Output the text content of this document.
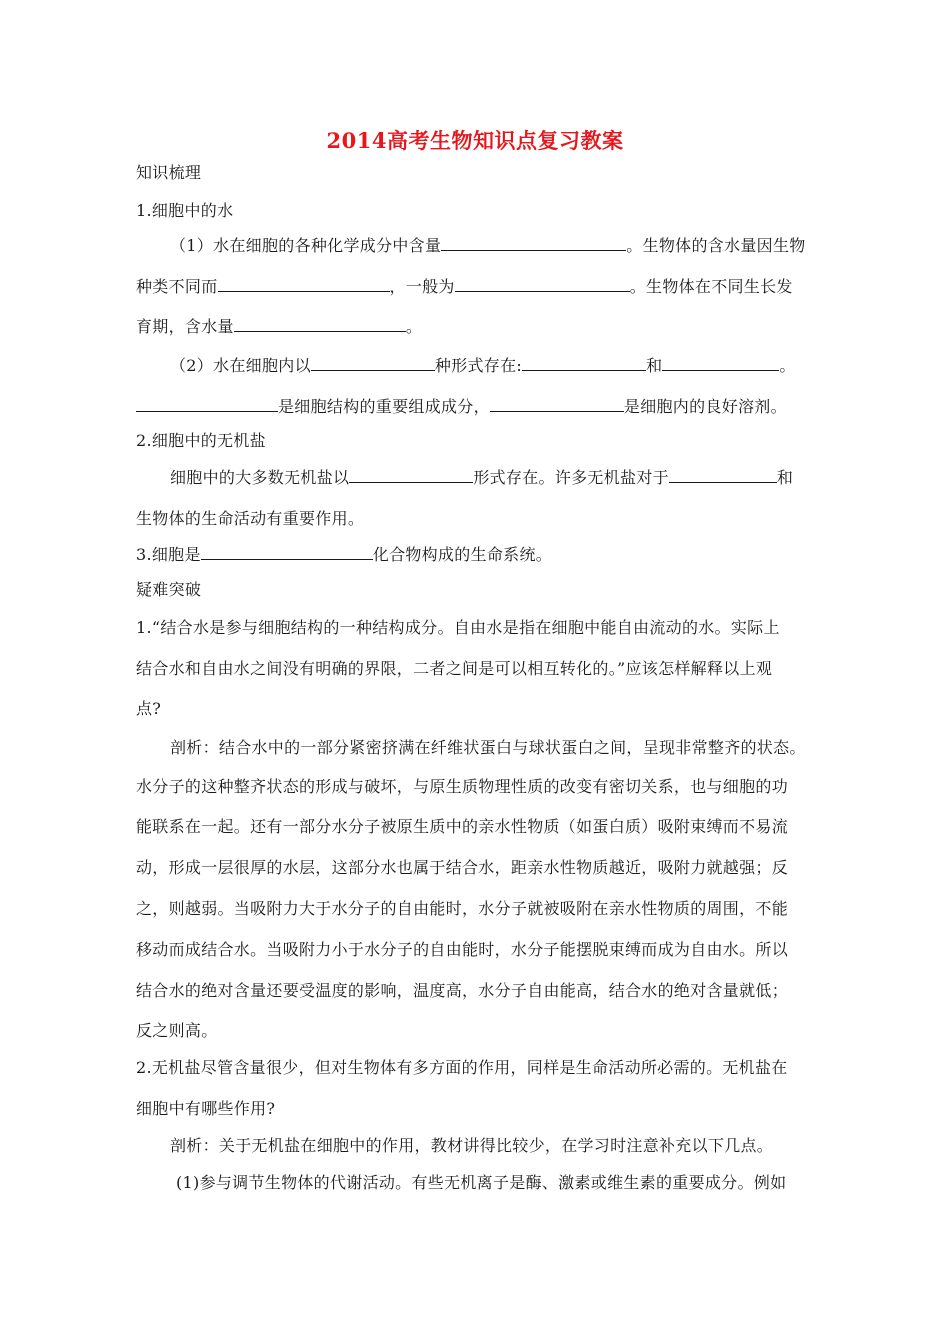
2014高考生物知识点复习教案
知识梳理
1.细胞中的水
（1）水在细胞的各种化学成分中含量	。生物体的含水量因生物
种类不同而	，一般为	。生物体在不同生长发
育期，含水量	。
（2）水在细胞内以	种形式存在:	和	。
是细胞结构的重要组成成分，	是细胞内的良好溶剂。
2.细胞中的无机盐
细胞中的大多数无机盐以	形式存在。许多无机盐对于	和
生物体的生命活动有重要作用。
3.细胞是	化合物构成的生命系统。
疑难突破
1.“结合水是参与细胞结构的一种结构成分。自由水是指在细胞中能自由流动的水。实际上
结合水和自由水之间没有明确的界限，二者之间是可以相互转化的。”应该怎样解释以上观
点?
剖析：结合水中的一部分紧密挤满在纤维状蛋白与球状蛋白之间，呈现非常整齐的状态。
水分子的这种整齐状态的形成与破坏，与原生质物理性质的改变有密切关系，也与细胞的功
能联系在一起。还有一部分水分子被原生质中的亲水性物质（如蛋白质）吸附束缚而不易流
动，形成一层很厚的水层，这部分水也属于结合水，距亲水性物质越近，吸附力就越强；反
之，则越弱。当吸附力大于水分子的自由能时，水分子就被吸附在亲水性物质的周围，不能
移动而成结合水。当吸附力小于水分子的自由能时，水分子能摆脱束缚而成为自由水。所以
结合水的绝对含量还要受温度的影响，温度高，水分子自由能高，结合水的绝对含量就低；
反之则高。
2.无机盐尽管含量很少，但对生物体有多方面的作用，同样是生命活动所必需的。无机盐在
细胞中有哪些作用?
剖析：关于无机盐在细胞中的作用，教材讲得比较少，在学习时注意补充以下几点。
(1)参与调节生物体的代谢活动。有些无机离子是酶、激素或维生素的重要成分。例如
